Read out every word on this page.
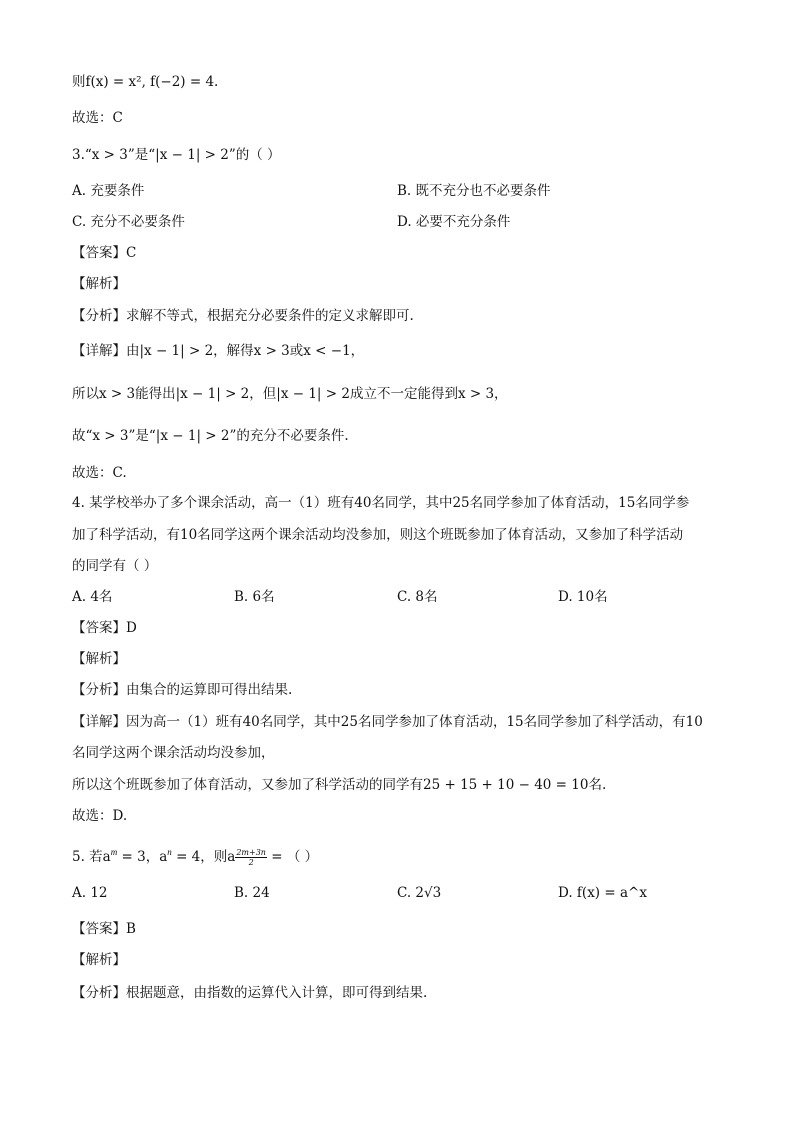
则f(x) = x², f(−2) = 4.
故选：C
3.“x > 3”是“|x − 1| > 2”的（ ）
A. 充要条件	B. 既不充分也不必要条件
C. 充分不必要条件	D. 必要不充分条件
【答案】C
【解析】
【分析】求解不等式，根据充分必要条件的定义求解即可.
【详解】由|x − 1| > 2，解得x > 3或x < −1，
所以x > 3能得出|x − 1| > 2，但|x − 1| > 2成立不一定能得到x > 3，
故“x > 3”是“|x − 1| > 2”的充分不必要条件.
故选：C.
4. 某学校举办了多个课余活动，高一（1）班有40名同学，其中25名同学参加了体育活动，15名同学参
加了科学活动，有10名同学这两个课余活动均没参加，则这个班既参加了体育活动，又参加了科学活动
的同学有（ ）
A. 4名	B. 6名	C. 8名	D. 10名
【答案】D
【解析】
【分析】由集合的运算即可得出结果.
【详解】因为高一（1）班有40名同学，其中25名同学参加了体育活动，15名同学参加了科学活动，有10
名同学这两个课余活动均没参加，
所以这个班既参加了体育活动，又参加了科学活动的同学有25 + 15 + 10 − 40 = 10名.
故选：D.
5. 若$a^m = 3$，$a^n = 4$，则a $\frac{2m+3n}{2}$ = （ ）
A. 12	B. 24	C. 2√3	D. f(x) = a^x
【答案】B
【解析】
【分析】根据题意，由指数的运算代入计算，即可得到结果.
